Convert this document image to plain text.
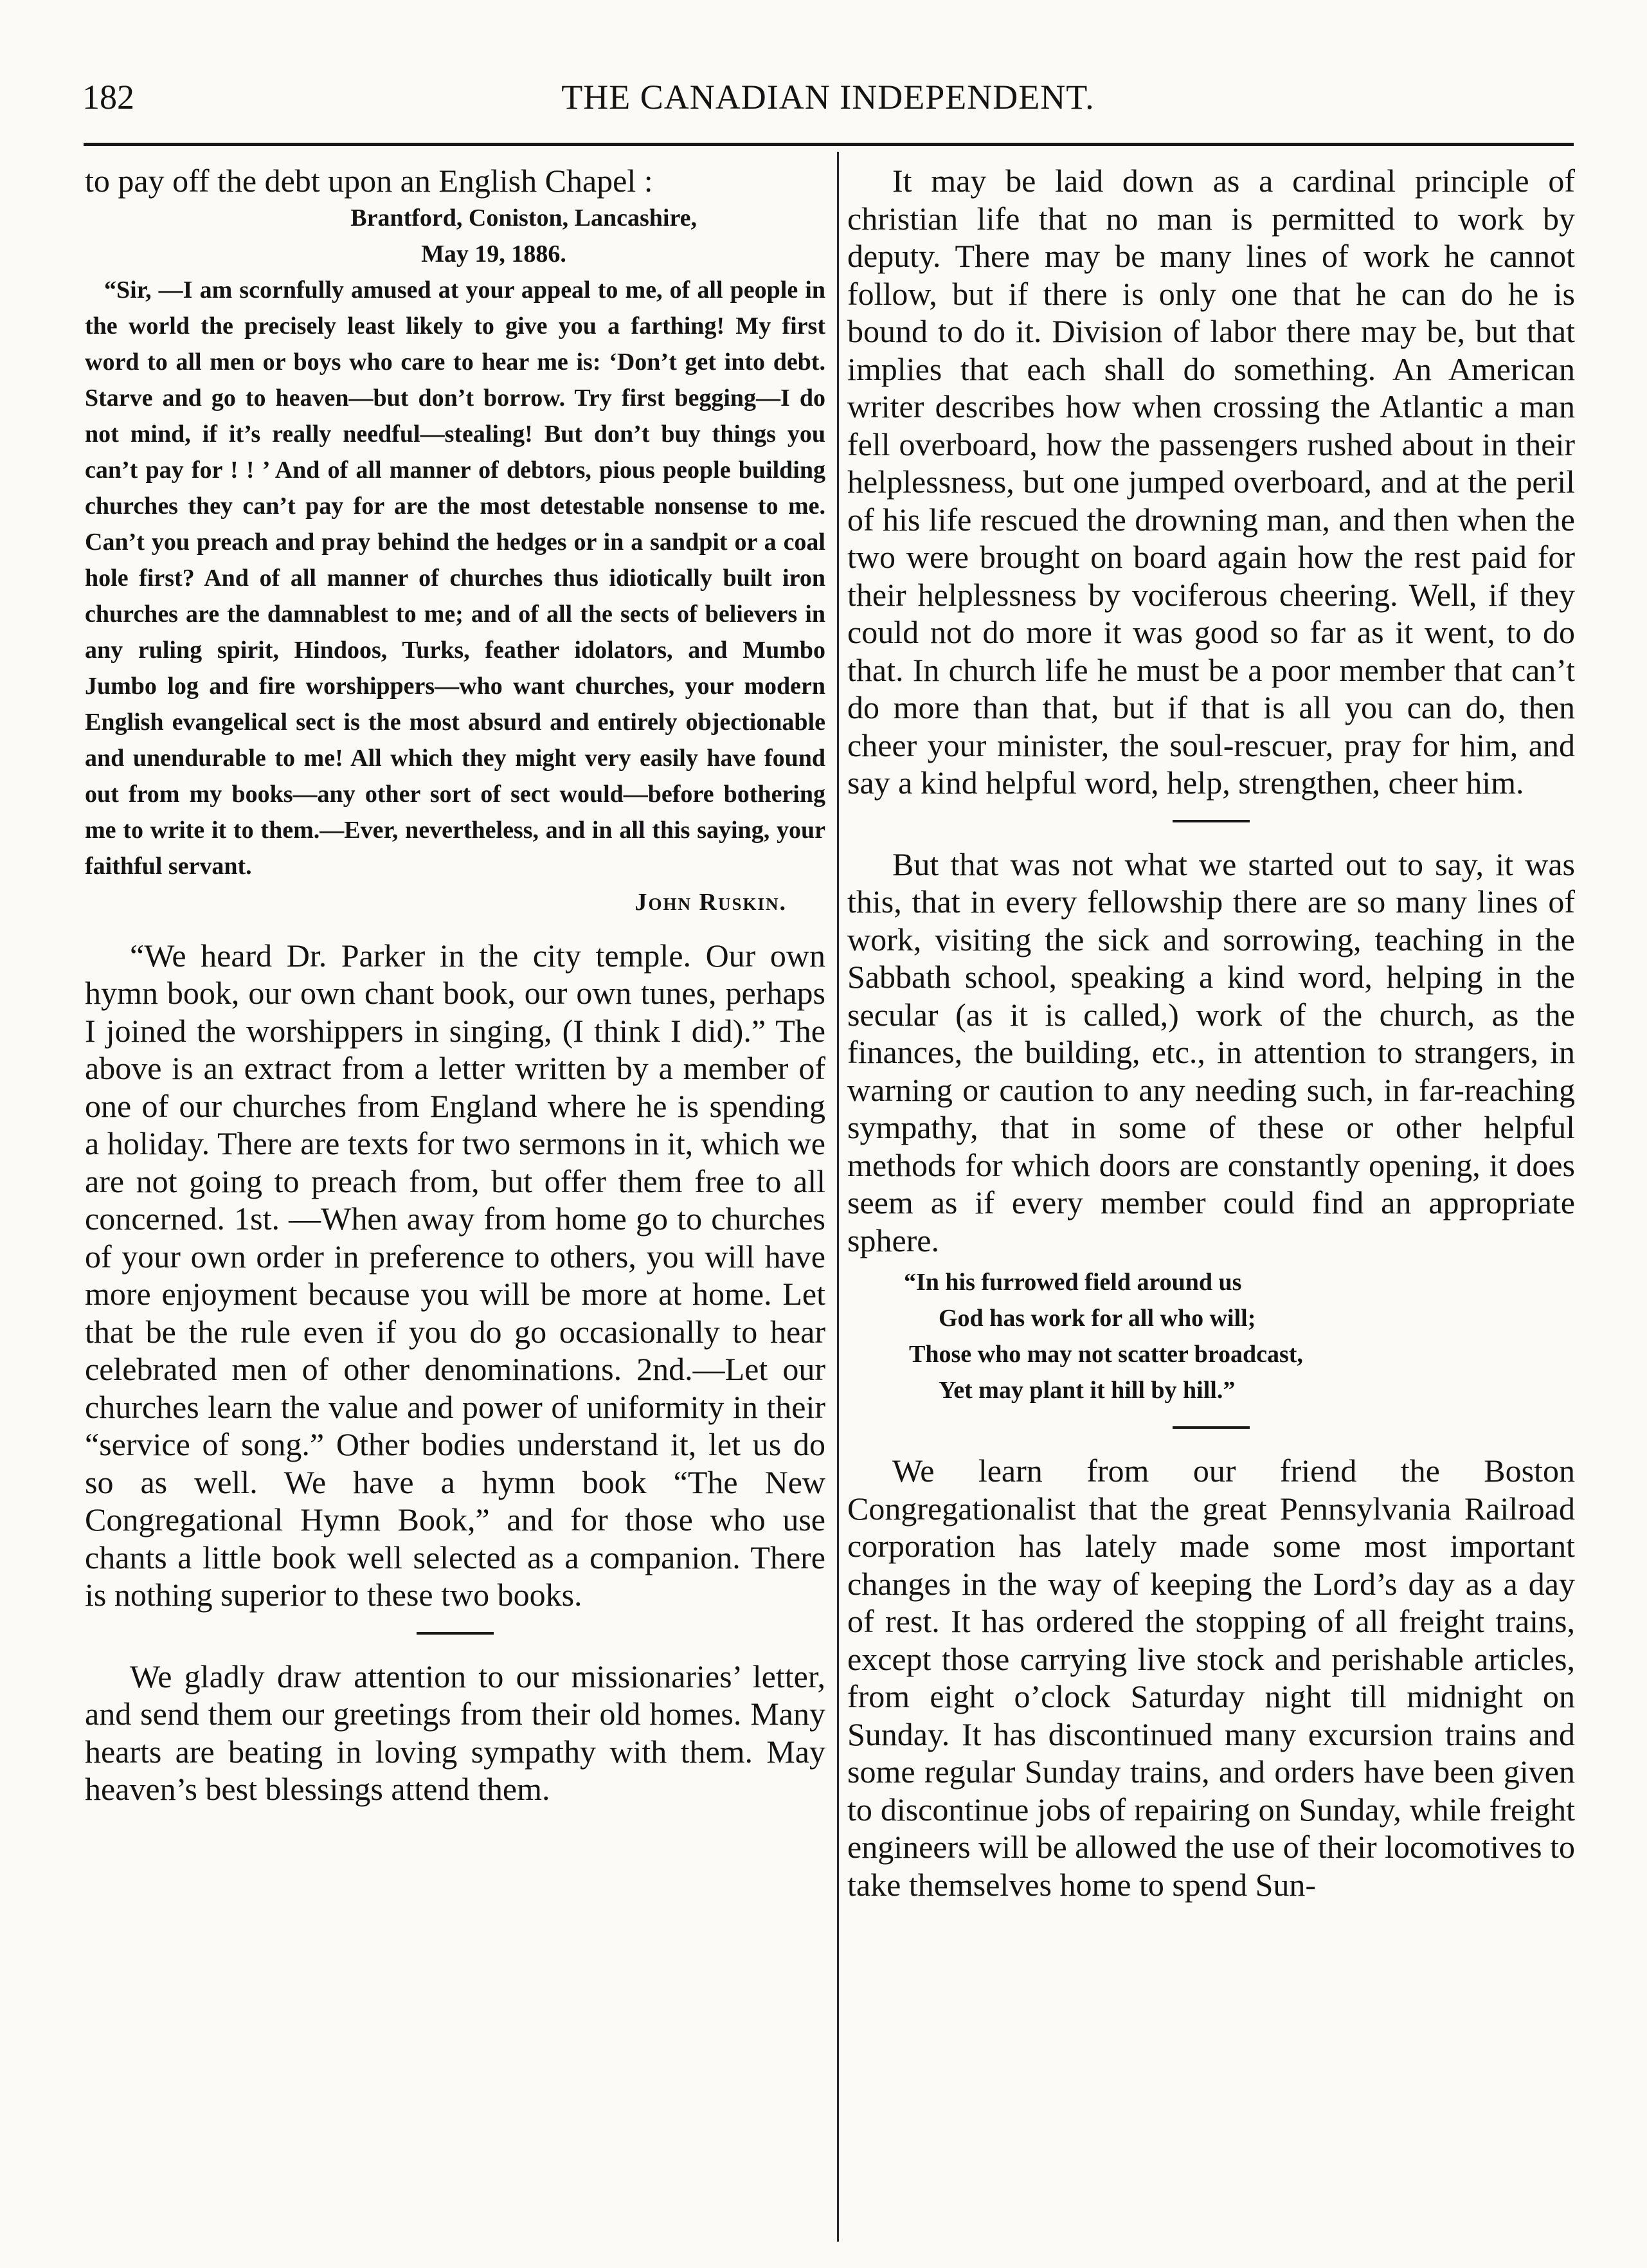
182	THE CANADIAN INDEPENDENT.

to pay off the debt upon an English Chapel :

Brantford, Coniston, Lancashire,

May 19, 1886.

“Sir, —I am scornfully amused at your appeal to me, of all people in the world the precisely least likely to give you a farthing! My first word to all men or boys who care to hear me is: ‘Don’t get into debt. Starve and go to heaven—but don’t borrow. Try first begging—I do not mind, if it’s really needful—stealing! But don’t buy things you can’t pay for ! ! ’ And of all manner of debtors, pious people building churches they can’t pay for are the most detestable nonsense to me. Can’t you preach and pray behind the hedges or in a sandpit or a coal hole first? And of all manner of churches thus idiotically built iron churches are the damnablest to me; and of all the sects of believers in any ruling spirit, Hindoos, Turks, feather idolators, and Mumbo Jumbo log and fire worshippers—who want churches, your modern English evangelical sect is the most absurd and entirely objectionable and unendurable to me! All which they might very easily have found out from my books—any other sort of sect would—before bothering me to write it to them.—Ever, nevertheless, and in all this saying, your faithful servant.

John Ruskin.

“We heard Dr. Parker in the city temple. Our own hymn book, our own chant book, our own tunes, perhaps I joined the worshippers in singing, (I think I did).” The above is an extract from a letter written by a member of one of our churches from England where he is spending a holiday. There are texts for two sermons in it, which we are not going to preach from, but offer them free to all concerned. 1st. —When away from home go to churches of your own order in preference to others, you will have more enjoyment because you will be more at home. Let that be the rule even if you do go occasionally to hear celebrated men of other denominations. 2nd.—Let our churches learn the value and power of uniformity in their “service of song.” Other bodies understand it, let us do so as well. We have a hymn book “The New Congregational Hymn Book,” and for those who use chants a little book well selected as a companion. There is nothing superior to these two books.

We gladly draw attention to our missionaries’ letter, and send them our greetings from their old homes. Many hearts are beating in loving sympathy with them. May heaven’s best blessings attend them.

It may be laid down as a cardinal principle of christian life that no man is permitted to work by deputy. There may be many lines of work he cannot follow, but if there is only one that he can do he is bound to do it. Division of labor there may be, but that implies that each shall do something. An American writer describes how when crossing the Atlantic a man fell overboard, how the passengers rushed about in their helplessness, but one jumped overboard, and at the peril of his life rescued the drowning man, and then when the two were brought on board again how the rest paid for their helplessness by vociferous cheering. Well, if they could not do more it was good so far as it went, to do that. In church life he must be a poor member that can’t do more than that, but if that is all you can do, then cheer your minister, the soul-rescuer, pray for him, and say a kind helpful word, help, strengthen, cheer him.

But that was not what we started out to say, it was this, that in every fellowship there are so many lines of work, visiting the sick and sorrowing, teaching in the Sabbath school, speaking a kind word, helping in the secular (as it is called,) work of the church, as the finances, the building, etc., in attention to strangers, in warning or caution to any needing such, in far-reaching sympathy, that in some of these or other helpful methods for which doors are constantly opening, it does seem as if every member could find an appropriate sphere.

“In his furrowed field around us

God has work for all who will;

Those who may not scatter broadcast,

Yet may plant it hill by hill.”

We learn from our friend the Boston Congregationalist that the great Pennsylvania Railroad corporation has lately made some most important changes in the way of keeping the Lord’s day as a day of rest. It has ordered the stopping of all freight trains, except those carrying live stock and perishable articles, from eight o’clock Saturday night till midnight on Sunday. It has discontinued many excursion trains and some regular Sunday trains, and orders have been given to discontinue jobs of repairing on Sunday, while freight engineers will be allowed the use of their locomotives to take themselves home to spend Sun-
